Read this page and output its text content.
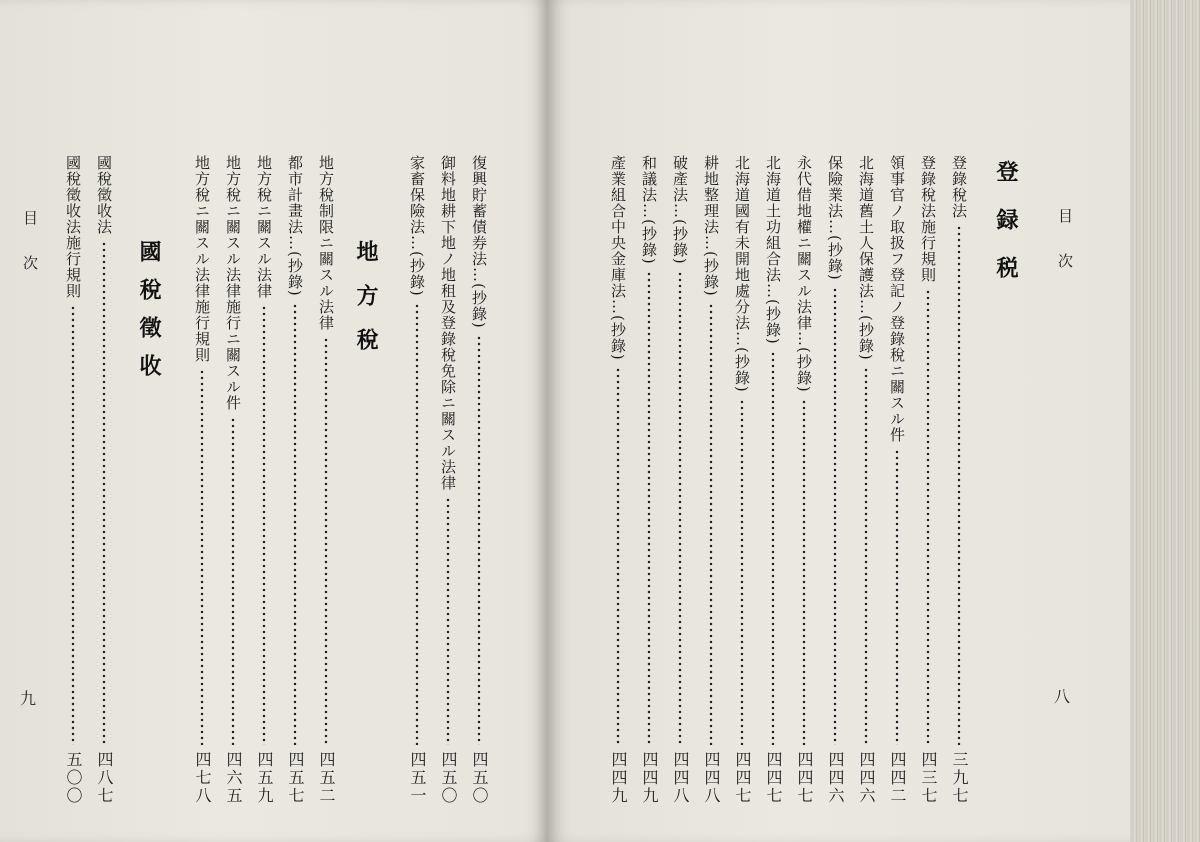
目次
八
登録税
登錄稅法
三九七
登錄稅法施行規則
四三七
領事官ノ取扱フ登記ノ登錄稅ニ關スル件
四四二
北海道舊土人保護法…(抄錄)
四四六
保險業法…(抄錄)
四四六
永代借地權ニ關スル法律…(抄錄)
四四七
北海道土功組合法…(抄錄)
四四七
北海道國有未開地處分法…(抄錄)
四四七
耕地整理法…(抄錄)
四四八
破產法…(抄錄)
四四八
和議法…(抄錄)
四四九
產業組合中央金庫法…(抄錄)
四四九
復興貯蓄債券法…(抄錄)
四五〇
御料地耕下地ノ地租及登錄稅免除ニ關スル法律
四五〇
家畜保險法…(抄錄)
四五一
地方稅
地方稅制限ニ關スル法律
四五二
都市計畫法…(抄錄)
四五七
地方稅ニ關スル法律
四五九
地方稅ニ關スル法律施行ニ關スル件
四六五
地方稅ニ關スル法律施行規則
四七八
國稅徵收
國稅徵收法
四八七
國稅徵收法施行規則
五〇〇
目次
九
